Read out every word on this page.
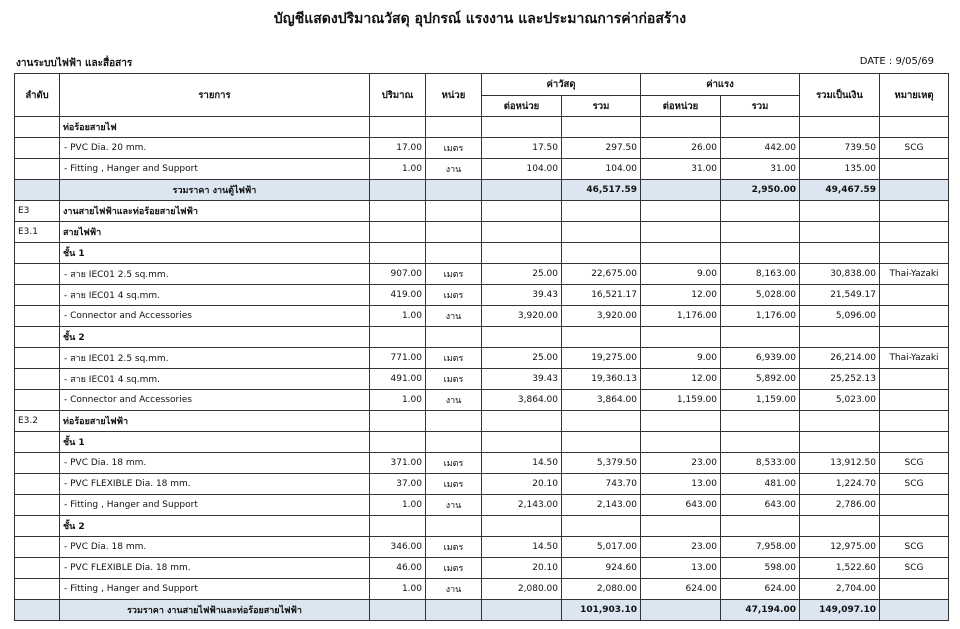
บัญชีแสดงปริมาณวัสดุ อุปกรณ์ แรงงาน และประมาณการค่าก่อสร้าง
งานระบบไฟฟ้า และสื่อสาร	DATE : 9/05/69
ลำดับ	รายการ	ปริมาณ	หน่วย	ค่าวัสดุ		ค่าแรง		รวมเป็นเงิน	หมายเหตุ
				ต่อหน่วย	รวม	ต่อหน่วย	รวม		
	ท่อร้อยสายไฟ								
	- PVC Dia. 20 mm.	17.00	เมตร	17.50	297.50	26.00	442.00	739.50	SCG
	- Fitting , Hanger and Support	1.00	งาน	104.00	104.00	31.00	31.00	135.00	
	รวมราคา งานตู้ไฟฟ้า				46,517.59		2,950.00	49,467.59	
E3	งานสายไฟฟ้าและท่อร้อยสายไฟฟ้า								
E3.1	สายไฟฟ้า								
	ชั้น 1								
	- สาย IEC01 2.5 sq.mm.	907.00	เมตร	25.00	22,675.00	9.00	8,163.00	30,838.00	Thai-Yazaki
	- สาย IEC01 4 sq.mm.	419.00	เมตร	39.43	16,521.17	12.00	5,028.00	21,549.17	
	- Connector and Accessories	1.00	งาน	3,920.00	3,920.00	1,176.00	1,176.00	5,096.00	
	ชั้น 2								
	- สาย IEC01 2.5 sq.mm.	771.00	เมตร	25.00	19,275.00	9.00	6,939.00	26,214.00	Thai-Yazaki
	- สาย IEC01 4 sq.mm.	491.00	เมตร	39.43	19,360.13	12.00	5,892.00	25,252.13	
	- Connector and Accessories	1.00	งาน	3,864.00	3,864.00	1,159.00	1,159.00	5,023.00	
E3.2	ท่อร้อยสายไฟฟ้า								
	ชั้น 1								
	- PVC Dia. 18 mm.	371.00	เมตร	14.50	5,379.50	23.00	8,533.00	13,912.50	SCG
	- PVC FLEXIBLE Dia. 18 mm.	37.00	เมตร	20.10	743.70	13.00	481.00	1,224.70	SCG
	- Fitting , Hanger and Support	1.00	งาน	2,143.00	2,143.00	643.00	643.00	2,786.00	
	ชั้น 2								
	- PVC Dia. 18 mm.	346.00	เมตร	14.50	5,017.00	23.00	7,958.00	12,975.00	SCG
	- PVC FLEXIBLE Dia. 18 mm.	46.00	เมตร	20.10	924.60	13.00	598.00	1,522.60	SCG
	- Fitting , Hanger and Support	1.00	งาน	2,080.00	2,080.00	624.00	624.00	2,704.00	
	รวมราคา งานสายไฟฟ้าและท่อร้อยสายไฟฟ้า				101,903.10		47,194.00	149,097.10	
